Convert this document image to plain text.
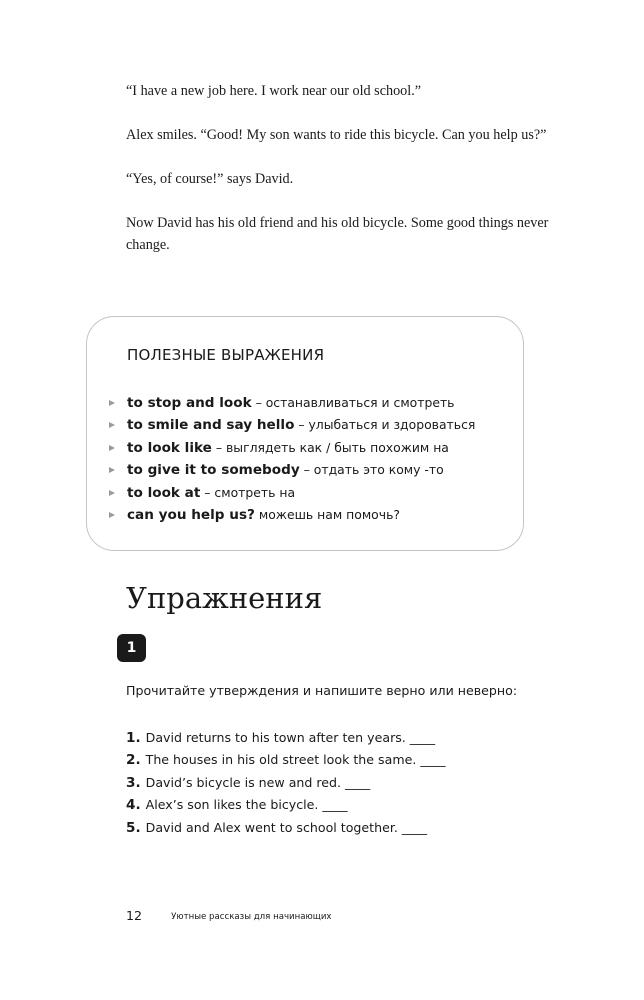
“I have a new job here. I work near our old school.”

Alex smiles. “Good! My son wants to ride this bicycle. Can you help us?”

“Yes, of course!” says David.

Now David has his old friend and his old bicycle. Some good things never change.

ПОЛЕЗНЫЕ ВЫРАЖЕНИЯ
to stop and look – останавливаться и смотреть
to smile and say hello – улыбаться и здороваться
to look like – выглядеть как / быть похожим на
to give it to somebody – отдать это кому -то
to look at – смотреть на
can you help us? можешь нам помочь?
Упражнения
1

Прочитайте утверждения и напишите верно или неверно:

1. David returns to his town after ten years. ____
2. The houses in his old street look the same. ____
3. David’s bicycle is new and red. ____
4. Alex’s son likes the bicycle. ____
5. David and Alex went to school together. ____
12	Уютные рассказы для начинающих
